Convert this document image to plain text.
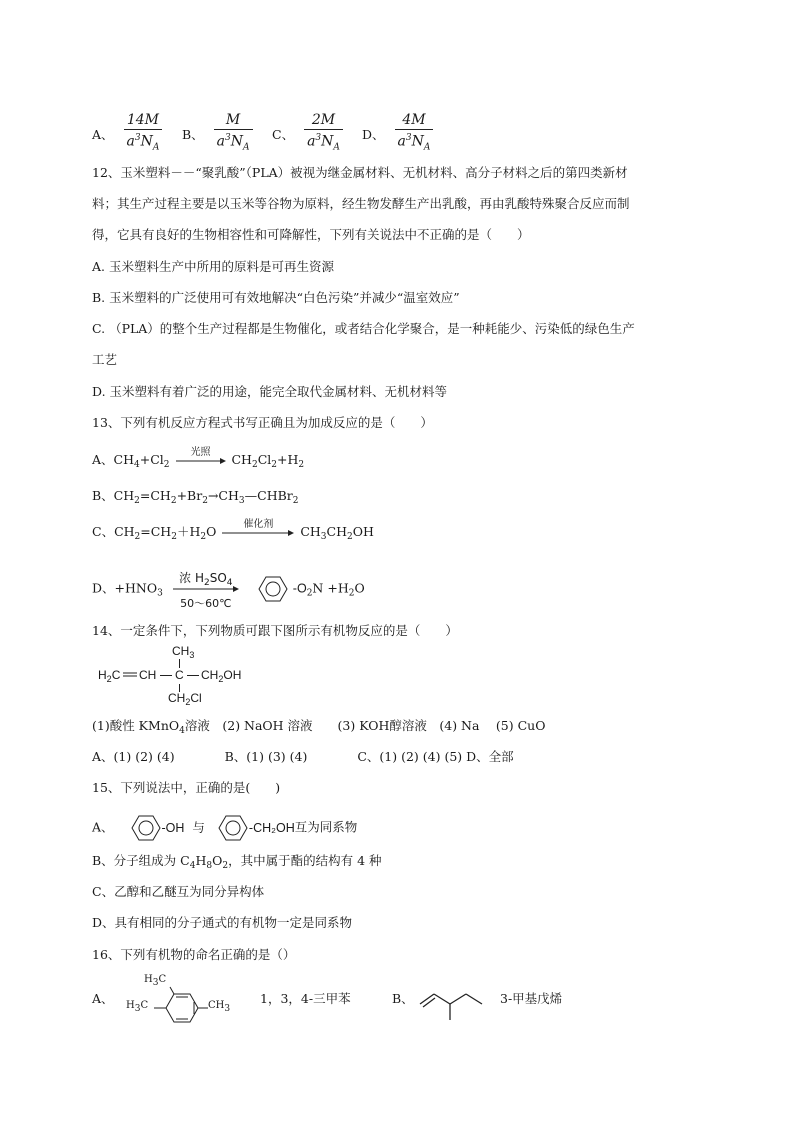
A、 $\frac{14M}{a^3N_A}$ B、 $\frac{M}{a^3N_A}$ C、 $\frac{2M}{a^3N_A}$ D、 $\frac{4M}{a^3N_A}$
12、玉米塑料－－“聚乳酸”（PLA）被视为继金属材料、无机材料、高分子材料之后的第四类新材
料；其生产过程主要是以玉米等谷物为原料，经生物发酵生产出乳酸，再由乳酸特殊聚合反应而制
得，它具有良好的生物相容性和可降解性，下列有关说法中不正确的是（　　）
A. 玉米塑料生产中所用的原料是可再生资源
B. 玉米塑料的广泛使用可有效地解决“白色污染”并减少“温室效应”
C. （PLA）的整个生产过程都是生物催化，或者结合化学聚合，是一种耗能少、污染低的绿色生产
工艺
D. 玉米塑料有着广泛的用途，能完全取代金属材料、无机材料等
13、下列有机反应方程式书写正确且为加成反应的是（　　）
A、$CH_4+Cl_2$
光照	$CH_2Cl_2+H_2$
B、$CH_2=CH_2+Br_2\to CH_3—CHBr_2$
C、$CH_2=CH_2+H_2O$	催化剂	$CH_3CH_2OH$
D、$+HNO_3$
浓 $H_2SO_4$
50～60℃
$-O_2N +H_2O$
14、一定条件下，下列物质可跟下图所示有机物反应的是（　　）
$CH_3$
$H_2C$ CH C $CH_2OH$
$CH_2Cl$
(1)酸性 KMnO$_4$溶液　(2) NaOH 溶液　　(3) KOH醇溶液　(4) Na　 (5) CuO
A、(1) (2) (4)　　　　B、(1) (3) (4)　　　　C、(1) (2) (4) (5) D、全部
15、下列说法中，正确的是(　　)
A、	-OH 与	-CH₂OH互为同系物
B、分子组成为 $C_4H_8O_2$，其中属于酯的结构有 4 种
C、乙醇和乙醚互为同分异构体
D、具有相同的分子通式的有机物一定是同系物
16、下列有机物的命名正确的是（）
A、
$H_3C$
$H_3C$	$CH_3$
1，3，4-三甲苯	B、	3-甲基戊烯
